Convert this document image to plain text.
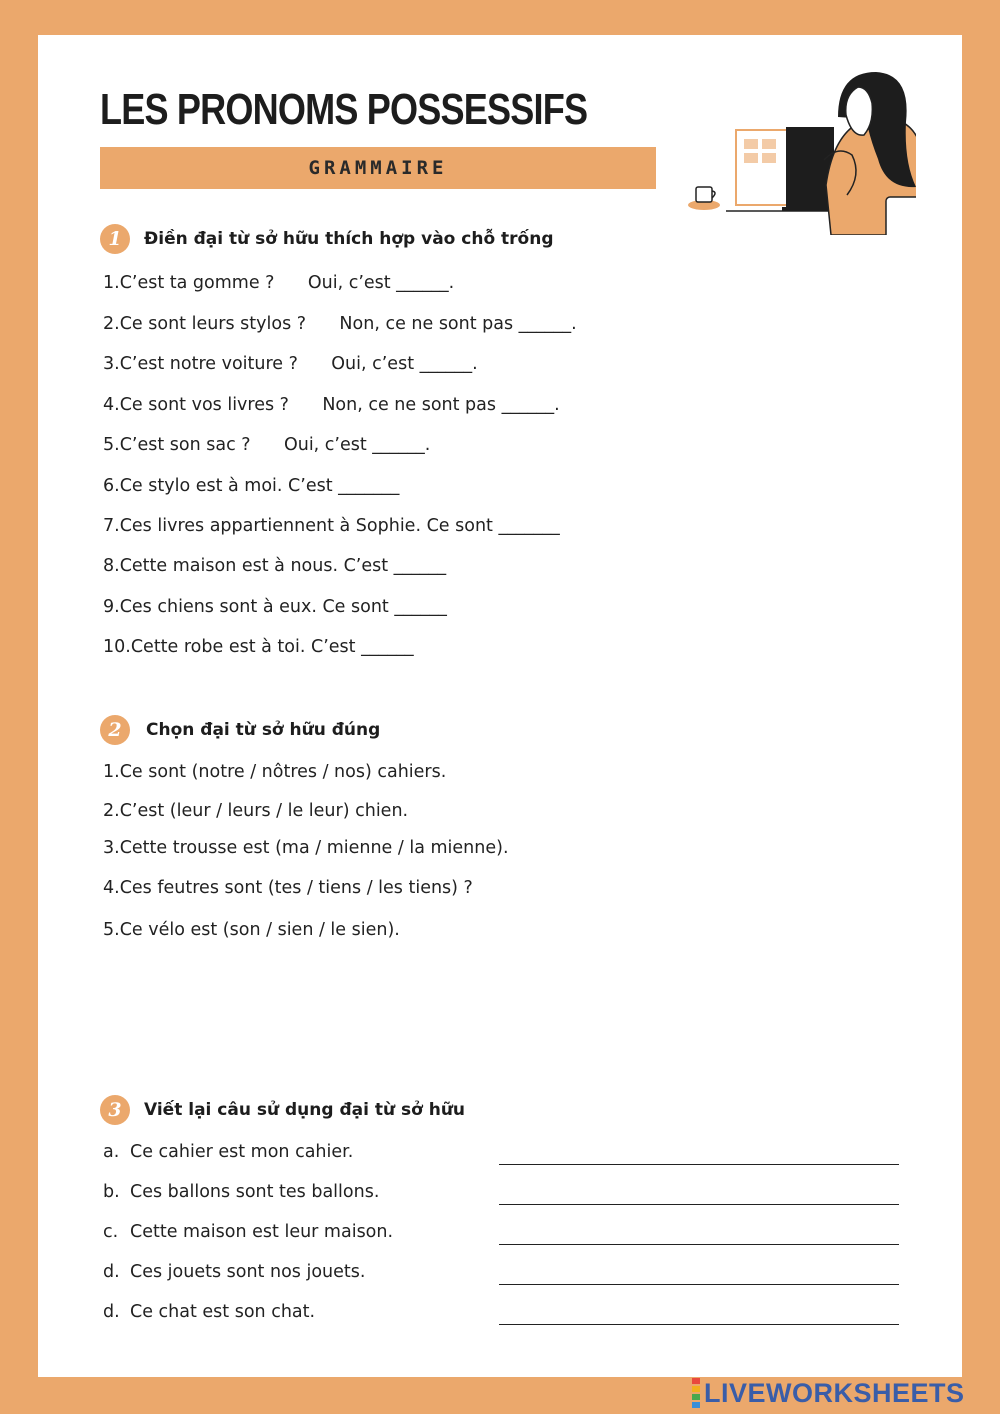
LES PRONOMS POSSESSIFS
GRAMMAIRE
1	Điền đại từ sở hữu thích hợp vào chỗ trống
1.C’est ta gomme ?      Oui, c’est ______.
2.Ce sont leurs stylos ?      Non, ce ne sont pas ______.
3.C’est notre voiture ?      Oui, c’est ______.
4.Ce sont vos livres ?      Non, ce ne sont pas ______.
5.C’est son sac ?      Oui, c’est ______.
6.Ce stylo est à moi. C’est _______
7.Ces livres appartiennent à Sophie. Ce sont _______
8.Cette maison est à nous. C’est ______
9.Ces chiens sont à eux. Ce sont ______
10.Cette robe est à toi. C’est ______
2	Chọn đại từ sở hữu đúng
1.Ce sont (notre / nôtres / nos) cahiers.
2.C’est (leur / leurs / le leur) chien.
3.Cette trousse est (ma / mienne / la mienne).
4.Ces feutres sont (tes / tiens / les tiens) ?
5.Ce vélo est (son / sien / le sien).
3	Viết lại câu sử dụng đại từ sở hữu
a. Ce cahier est mon cahier.
b. Ces ballons sont tes ballons.
c. Cette maison est leur maison.
d. Ces jouets sont nos jouets.
d. Ce chat est son chat.
LIVEWORKSHEETS
